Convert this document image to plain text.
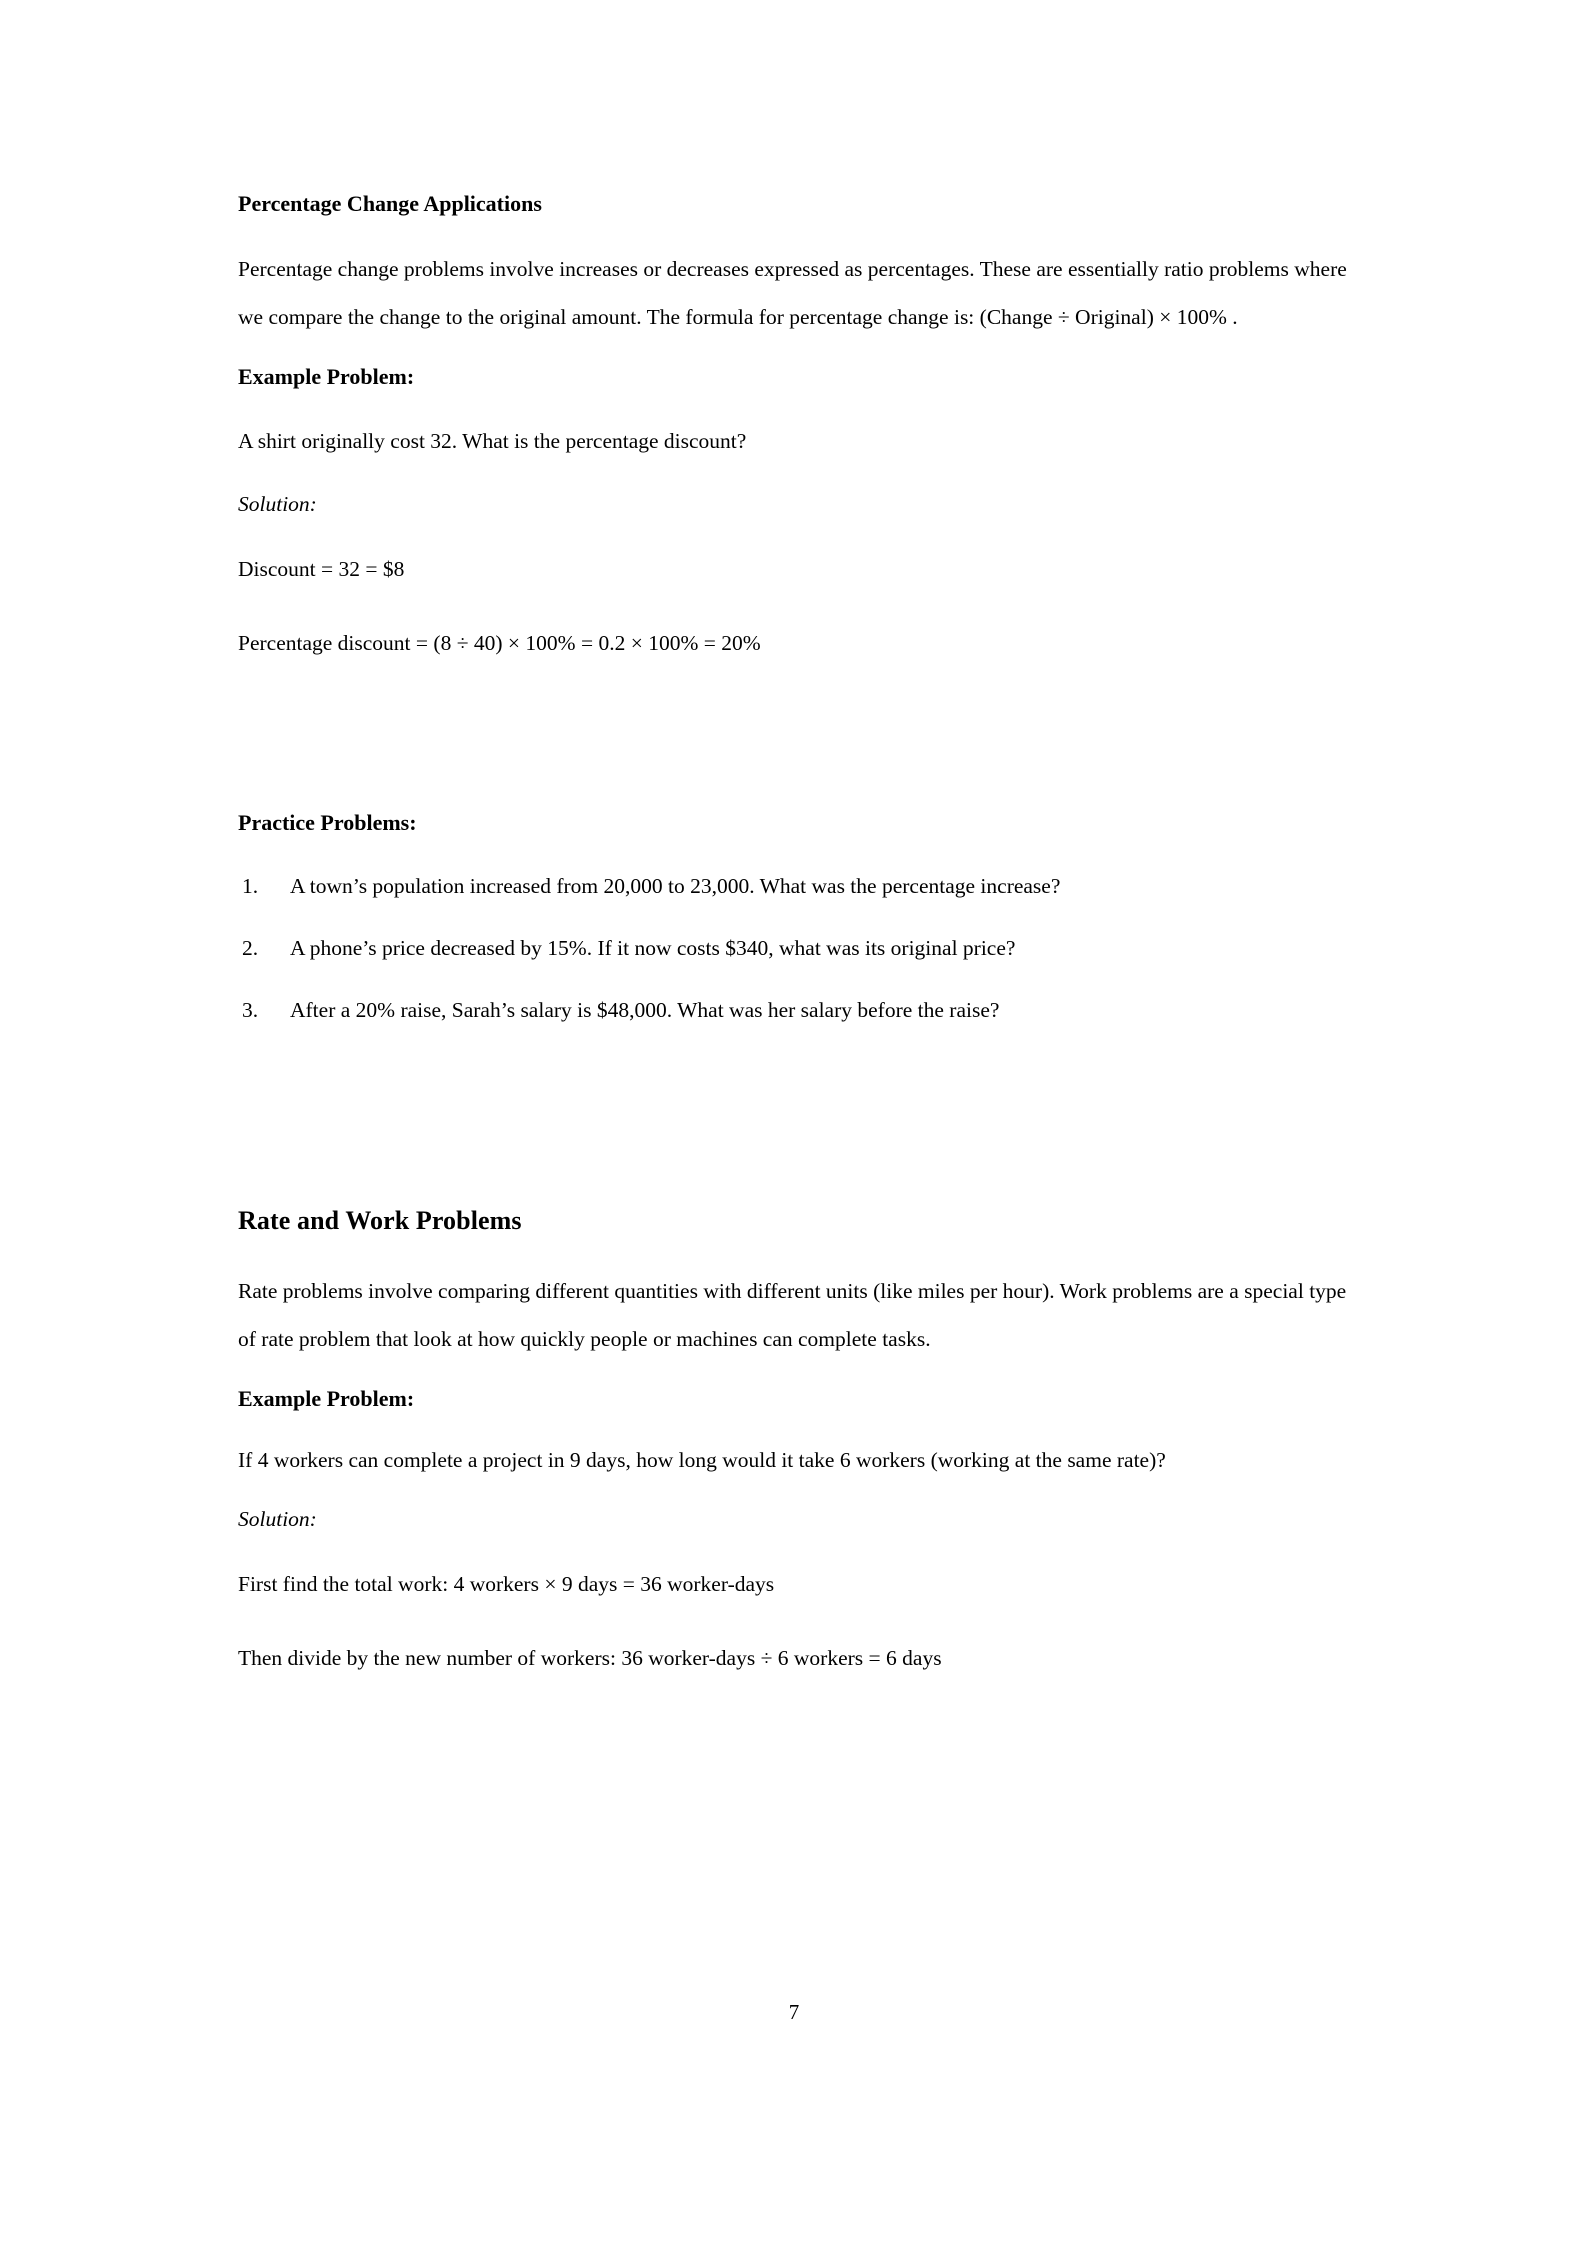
Percentage Change Applications

Percentage change problems involve increases or decreases expressed as percentages. These are essentially ratio problems where we compare the change to the original amount. The formula for percentage change is: (Change ÷ Original) × 100% .

Example Problem:

A shirt originally cost 32. What is the percentage discount?

Solution:

Discount = 32 = $8

Percentage discount = (8 ÷ 40) × 100% = 0.2 × 100% = 20%

Practice Problems:
1.	A town’s population increased from 20,000 to 23,000. What was the percentage increase?
2.	A phone’s price decreased by 15%. If it now costs $340, what was its original price?
3.	After a 20% raise, Sarah’s salary is $48,000. What was her salary before the raise?
Rate and Work Problems

Rate problems involve comparing different quantities with different units (like miles per hour). Work problems are a special type of rate problem that look at how quickly people or machines can complete tasks.

Example Problem:

If 4 workers can complete a project in 9 days, how long would it take 6 workers (working at the same rate)?

Solution:

First find the total work: 4 workers × 9 days = 36 worker-days

Then divide by the new number of workers: 36 worker-days ÷ 6 workers = 6 days

7
